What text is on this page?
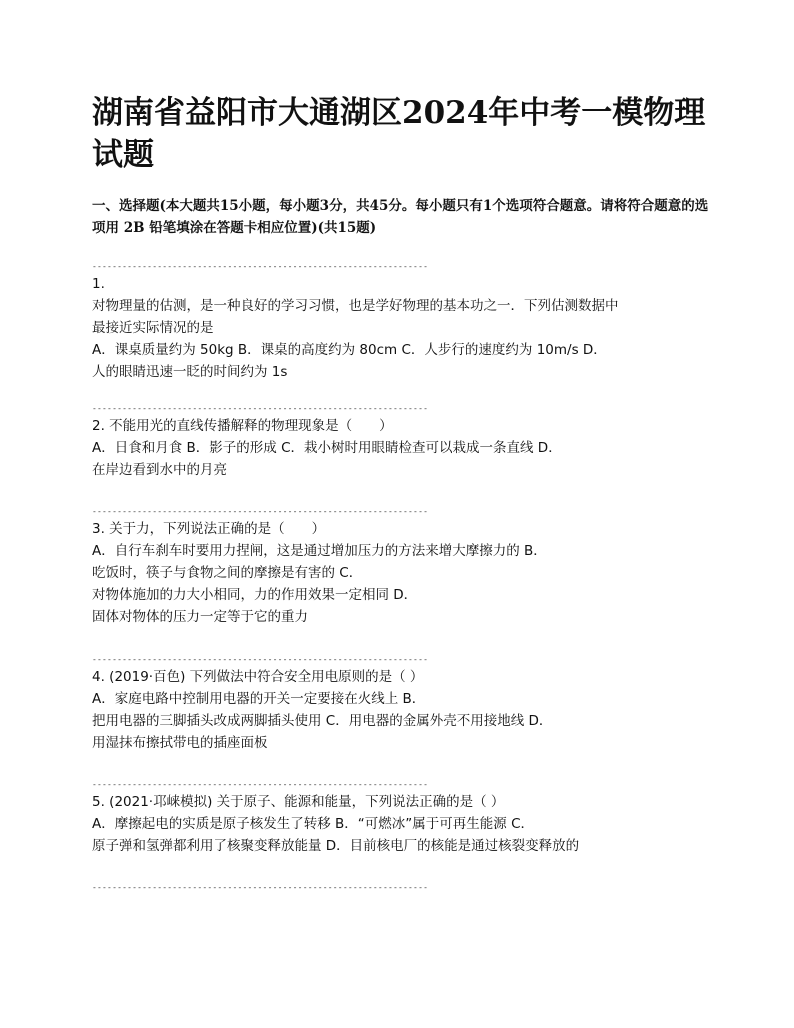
湖南省益阳市大通湖区2024年中考一模物理试题

一、选择题(本大题共15小题，每小题3分，共45分。每小题只有1个选项符合题意。请将符合题意的选项用 2B 铅笔填涂在答题卡相应位置)(共15题)

-------------------------------------------------------------------
1.
对物理量的估测，是一种良好的学习习惯，也是学好物理的基本功之一．下列估测数据中
最接近实际情况的是
A．课桌质量约为 50kg B．课桌的高度约为 80cm C．人步行的速度约为 10m/s D．
人的眼睛迅速一眨的时间约为 1s
-------------------------------------------------------------------
2. 不能用光的直线传播解释的物理现象是（　　）
A．日食和月食 B．影子的形成 C．栽小树时用眼睛检查可以栽成一条直线 D．
在岸边看到水中的月亮
-------------------------------------------------------------------
3. 关于力，下列说法正确的是（　　）
A．自行车刹车时要用力捏闸，这是通过增加压力的方法来增大摩擦力的 B．
吃饭时，筷子与食物之间的摩擦是有害的 C．
对物体施加的力大小相同，力的作用效果一定相同 D．
固体对物体的压力一定等于它的重力
-------------------------------------------------------------------
4. (2019·百色) 下列做法中符合安全用电原则的是（ ）
A．家庭电路中控制用电器的开关一定要接在火线上 B．
把用电器的三脚插头改成两脚插头使用 C．用电器的金属外壳不用接地线 D．
用湿抹布擦拭带电的插座面板
-------------------------------------------------------------------
5. (2021·邛崃模拟) 关于原子、能源和能量，下列说法正确的是（ ）
A．摩擦起电的实质是原子核发生了转移 B．“可燃冰”属于可再生能源 C．
原子弹和氢弹都利用了核聚变释放能量 D．目前核电厂的核能是通过核裂变释放的
-------------------------------------------------------------------
